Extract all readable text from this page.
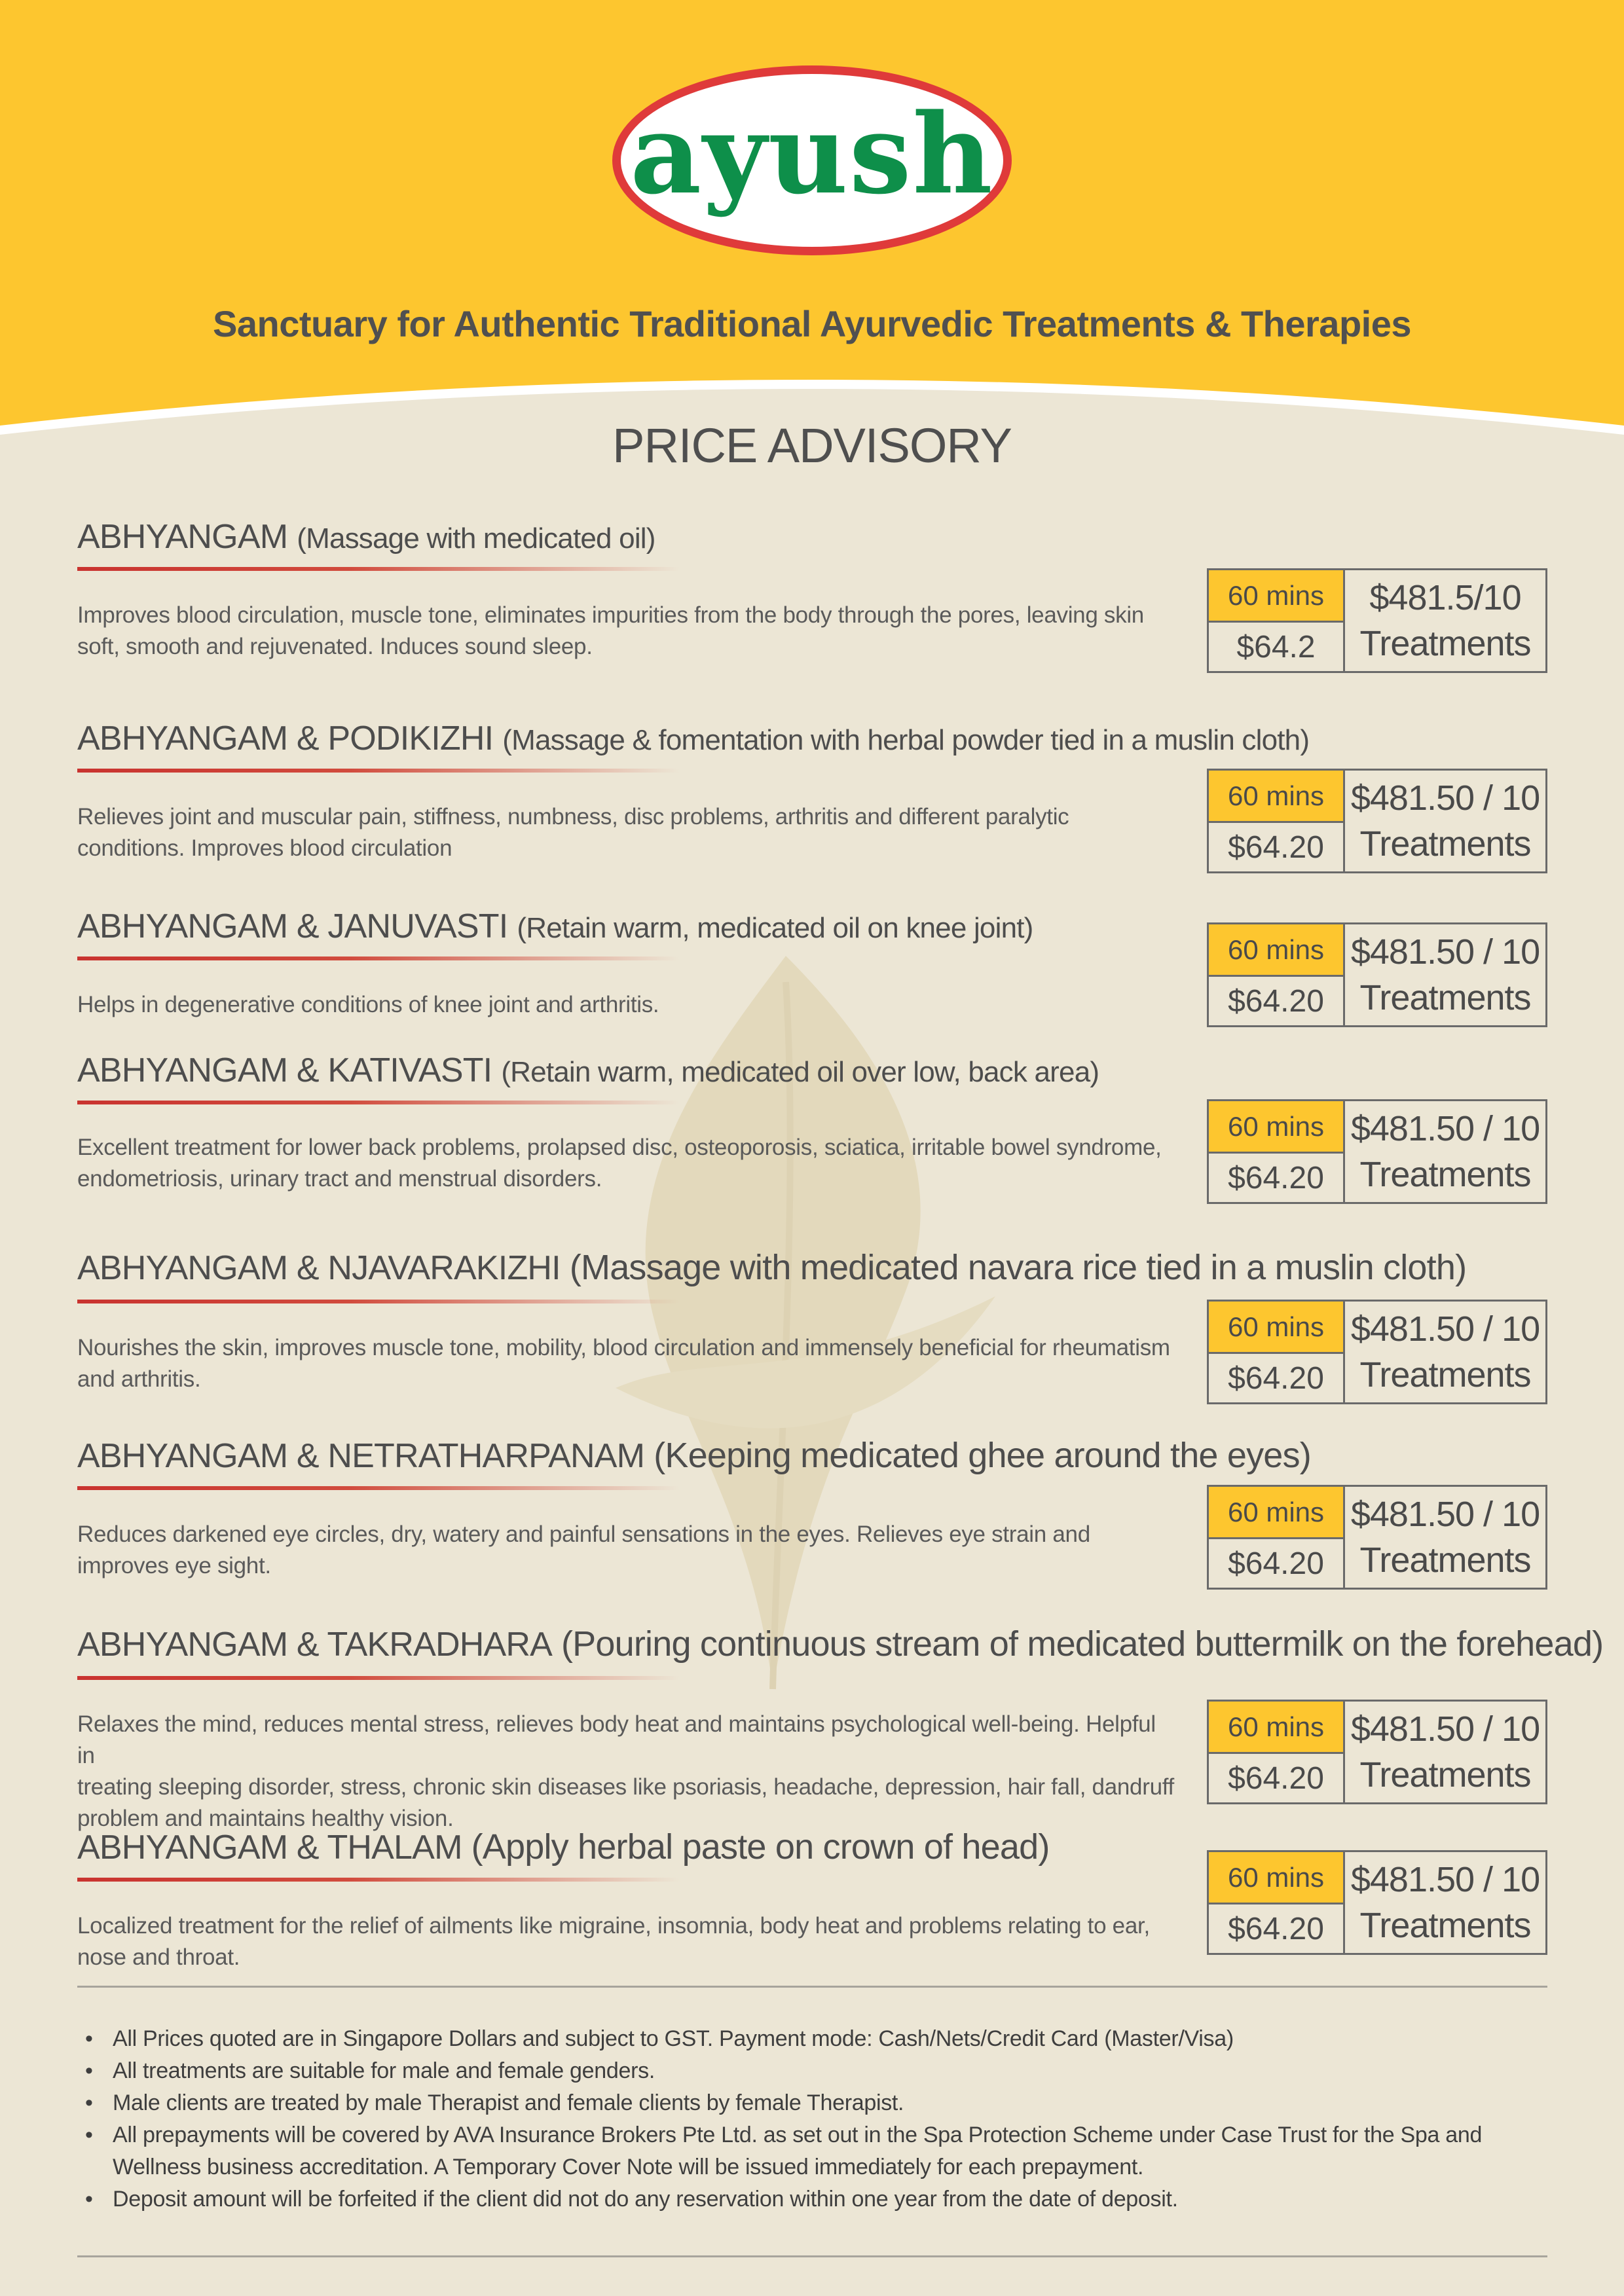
ayush
Sanctuary for Authentic Traditional Ayurvedic Treatments & Therapies
PRICE ADVISORY
ABHYANGAM (Massage with medicated oil)
Improves blood circulation, muscle tone, eliminates impurities from the body through the pores, leaving skin
soft, smooth and rejuvenated. Induces sound sleep.
60 mins
$64.2
$481.5/10
Treatments
ABHYANGAM & PODIKIZHI (Massage & fomentation with herbal powder tied in a muslin cloth)
Relieves joint and muscular pain, stiffness, numbness, disc problems, arthritis and different paralytic
conditions. Improves blood circulation
60 mins
$64.20
$481.50 / 10
Treatments
ABHYANGAM & JANUVASTI (Retain warm, medicated oil on knee joint)
Helps in degenerative conditions of knee joint and arthritis.
60 mins
$64.20
$481.50 / 10
Treatments
ABHYANGAM & KATIVASTI (Retain warm, medicated oil over low, back area)
Excellent treatment for lower back problems, prolapsed disc, osteoporosis, sciatica, irritable bowel syndrome,
endometriosis, urinary tract and menstrual disorders.
60 mins
$64.20
$481.50 / 10
Treatments
ABHYANGAM & NJAVARAKIZHI (Massage with medicated navara rice tied in a muslin cloth)
Nourishes the skin, improves muscle tone, mobility, blood circulation and immensely beneficial for rheumatism
and arthritis.
60 mins
$64.20
$481.50 / 10
Treatments
ABHYANGAM & NETRATHARPANAM (Keeping medicated ghee around the eyes)
Reduces darkened eye circles, dry, watery and painful sensations in the eyes. Relieves eye strain and
improves eye sight.
60 mins
$64.20
$481.50 / 10
Treatments
ABHYANGAM & TAKRADHARA (Pouring continuous stream of medicated buttermilk on the forehead)
Relaxes the mind, reduces mental stress, relieves body heat and maintains psychological well-being. Helpful in
treating sleeping disorder, stress, chronic skin diseases like psoriasis, headache, depression, hair fall, dandruff
problem and maintains healthy vision.
60 mins
$64.20
$481.50 / 10
Treatments
ABHYANGAM & THALAM (Apply herbal paste on crown of head)
Localized treatment for the relief of ailments like migraine, insomnia, body heat and problems relating to ear,
nose and throat.
60 mins
$64.20
$481.50 / 10
Treatments
• All Prices quoted are in Singapore Dollars and subject to GST. Payment mode: Cash/Nets/Credit Card (Master/Visa)
• All treatments are suitable for male and female genders.
• Male clients are treated by male Therapist and female clients by female Therapist.
• All prepayments will be covered by AVA Insurance Brokers Pte Ltd. as set out in the Spa Protection Scheme under Case Trust for the Spa and Wellness business accreditation. A Temporary Cover Note will be issued immediately for each prepayment.
• Deposit amount will be forfeited if the client did not do any reservation within one year from the date of deposit.
